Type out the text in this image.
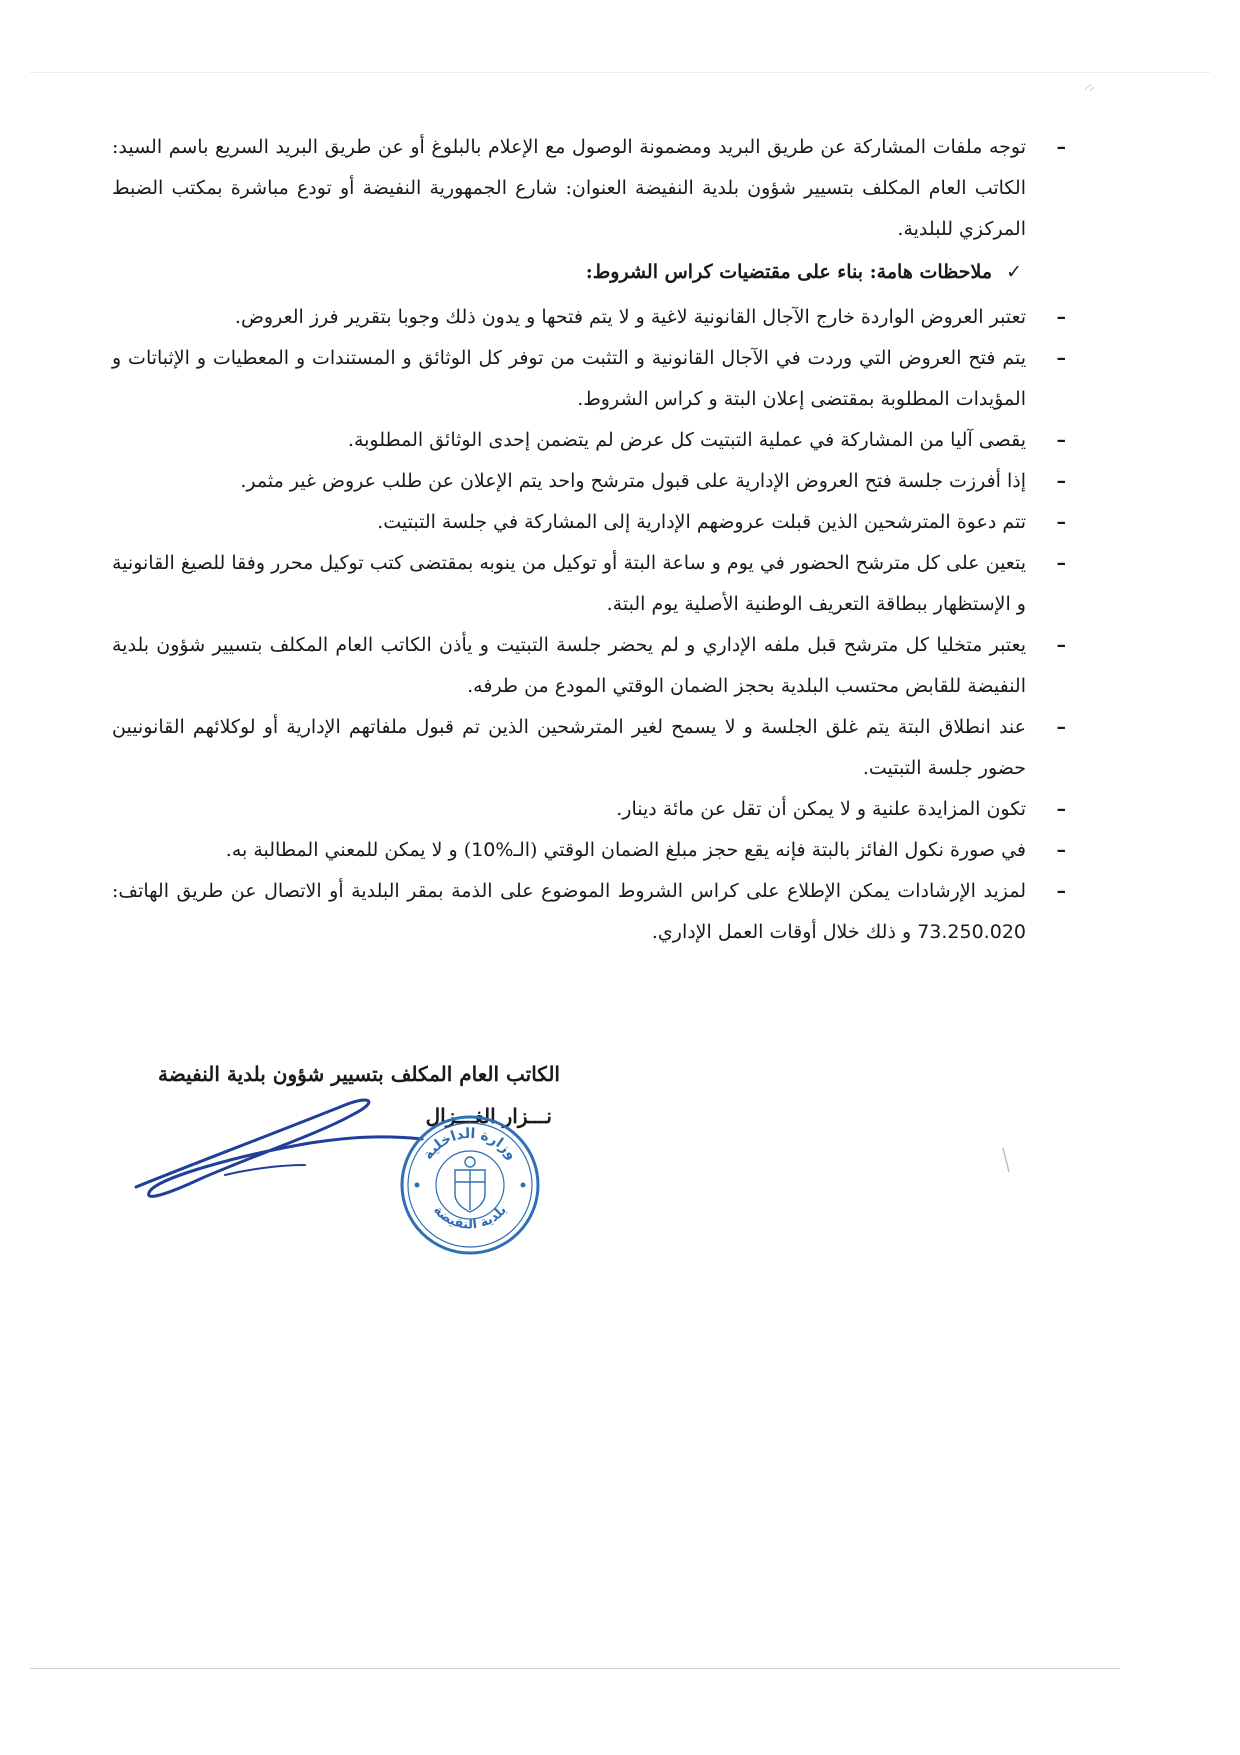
–
توجه ملفات المشاركة عن طريق البريد ومضمونة الوصول مع الإعلام بالبلوغ أو عن طريق البريد السريع باسم السيد: الكاتب العام المكلف بتسيير شؤون بلدية النفيضة العنوان: شارع الجمهورية النفيضة أو تودع مباشرة بمكتب الضبط المركزي للبلدية.
✓
ملاحظات هامة: بناء على مقتضيات كراس الشروط:
–
تعتبر العروض الواردة خارج الآجال القانونية لاغية و لا يتم فتحها و يدون ذلك وجوبا بتقرير فرز العروض.
–
يتم فتح العروض التي وردت في الآجال القانونية و التثبت من توفر كل الوثائق و المستندات و المعطيات و الإثباتات و المؤيدات المطلوبة بمقتضى إعلان البتة و كراس الشروط.
–
يقصى آليا من المشاركة في عملية التبتيت كل عرض لم يتضمن إحدى الوثائق المطلوبة.
–
إذا أفرزت جلسة فتح العروض الإدارية على قبول مترشح واحد يتم الإعلان عن طلب عروض غير مثمر.
–
تتم دعوة المترشحين الذين قبلت عروضهم الإدارية إلى المشاركة في جلسة التبتيت.
–
يتعين على كل مترشح الحضور في يوم و ساعة البتة أو توكيل من ينوبه بمقتضى كتب توكيل محرر وفقا للصيغ القانونية و الإستظهار ببطاقة التعريف الوطنية الأصلية يوم البتة.
–
يعتبر متخليا كل مترشح قبل ملفه الإداري و لم يحضر جلسة التبتيت و يأذن الكاتب العام المكلف بتسيير شؤون بلدية النفيضة للقابض محتسب البلدية بحجز الضمان الوقتي المودع من طرفه.
–
عند انطلاق البتة يتم غلق الجلسة و لا يسمح لغير المترشحين الذين تم قبول ملفاتهم الإدارية أو لوكلائهم القانونيين حضور جلسة التبتيت.
–
تكون المزايدة علنية و لا يمكن أن تقل عن مائة دينار.
–
في صورة نكول الفائز بالبتة فإنه يقع حجز مبلغ الضمان الوقتي (الـ10%) و لا يمكن للمعني المطالبة به.
–
لمزيد الإرشادات يمكن الإطلاع على كراس الشروط الموضوع على الذمة بمقر البلدية أو الاتصال عن طريق الهاتف: 73.250.020 و ذلك خلال أوقات العمل الإداري.
الكاتب العام المكلف بتسيير شؤون بلدية النفيضة
نـــزار الغـــزال
وزارة الداخلية
بلدية النفيضة
